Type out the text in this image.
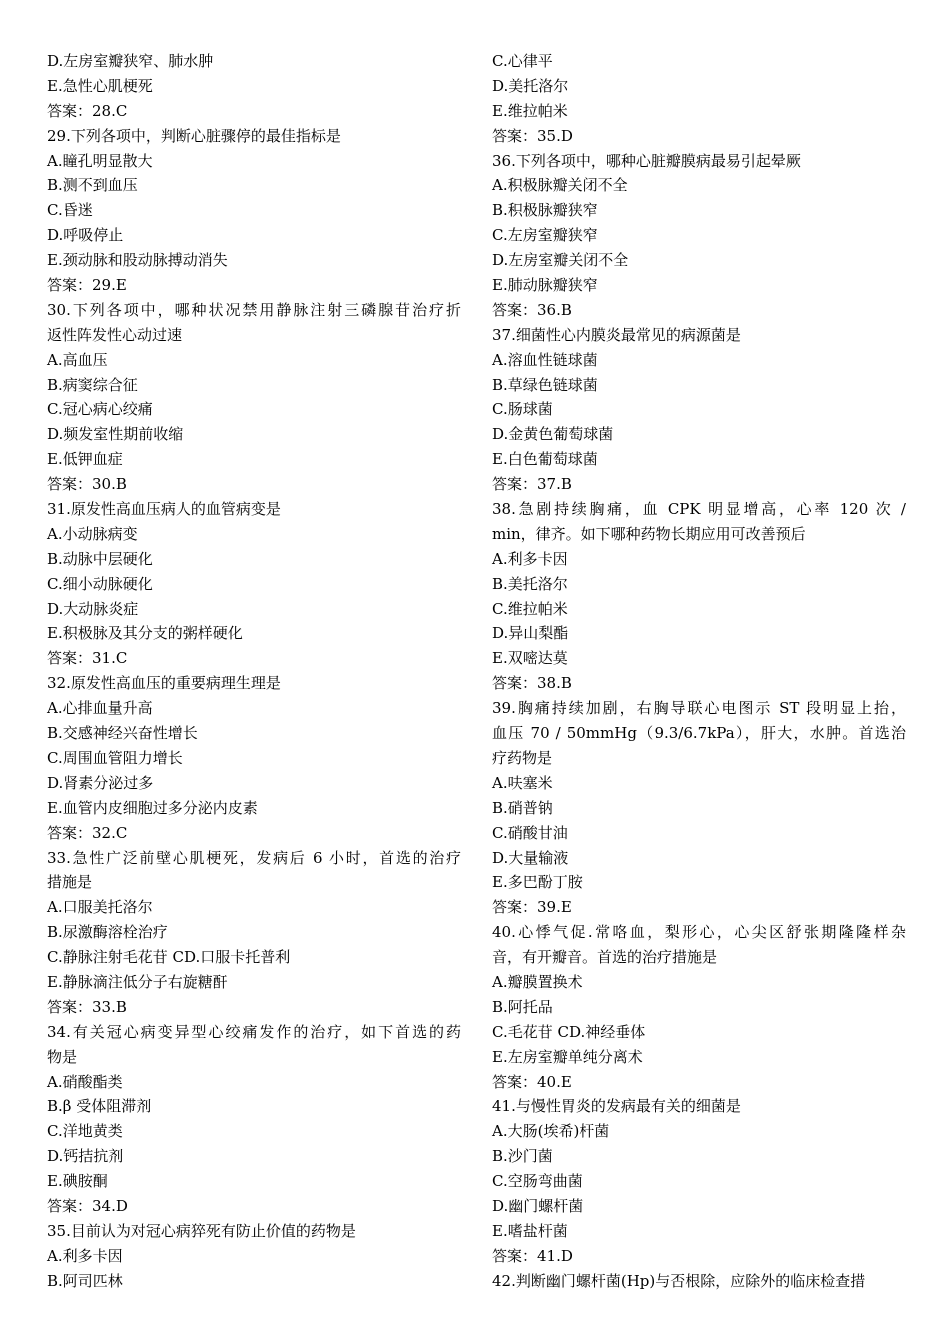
D.左房室瓣狭窄、肺水肿
E.急性心肌梗死
答案：28.C
29.下列各项中，判断心脏骤停的最佳指标是
A.瞳孔明显散大
B.测不到血压
C.昏迷
D.呼吸停止
E.颈动脉和股动脉搏动消失
答案：29.E
30.下列各项中，哪种状况禁用静脉注射三磷腺苷治疗折
返性阵发性心动过速
A.高血压
B.病窦综合征
C.冠心病心绞痛
D.频发室性期前收缩
E.低钾血症
答案：30.B
31.原发性高血压病人的血管病变是
A.小动脉病变
B.动脉中层硬化
C.细小动脉硬化
D.大动脉炎症
E.积极脉及其分支的粥样硬化
答案：31.C
32.原发性高血压的重要病理生理是
A.心排血量升高
B.交感神经兴奋性增长
C.周围血管阻力增长
D.肾素分泌过多
E.血管内皮细胞过多分泌内皮素
答案：32.C
33.急性广泛前壁心肌梗死，发病后 6 小时，首选的治疗
措施是
A.口服美托洛尔
B.尿激酶溶栓治疗
C.静脉注射毛花苷 CD.口服卡托普利
E.静脉滴注低分子右旋糖酐
答案：33.B
34.有关冠心病变异型心绞痛发作的治疗，如下首选的药
物是
A.硝酸酯类
B.β 受体阻滞剂
C.洋地黄类
D.钙拮抗剂
E.碘胺酮
答案：34.D
35.目前认为对冠心病猝死有防止价值的药物是
A.利多卡因
B.阿司匹林
C.心律平
D.美托洛尔
E.维拉帕米
答案：35.D
36.下列各项中，哪种心脏瓣膜病最易引起晕厥
A.积极脉瓣关闭不全
B.积极脉瓣狭窄
C.左房室瓣狭窄
D.左房室瓣关闭不全
E.肺动脉瓣狭窄
答案：36.B
37.细菌性心内膜炎最常见的病源菌是
A.溶血性链球菌
B.草绿色链球菌
C.肠球菌
D.金黄色葡萄球菌
E.白色葡萄球菌
答案：37.B
38.急剧持续胸痛，血 CPK 明显增高，心率 120 次 /
min，律齐。如下哪种药物长期应用可改善预后
A.利多卡因
B.美托洛尔
C.维拉帕米
D.异山梨酯
E.双嘧达莫
答案：38.B
39.胸痛持续加剧，右胸导联心电图示 ST 段明显上抬，
血压 70 / 50mmHg（9.3/6.7kPa），肝大，水肿。首选治
疗药物是
A.呋塞米
B.硝普钠
C.硝酸甘油
D.大量输液
E.多巴酚丁胺
答案：39.E
40.心悸气促.常咯血，梨形心，心尖区舒张期隆隆样杂
音，有开瓣音。首选的治疗措施是
A.瓣膜置换术
B.阿托品
C.毛花苷 CD.神经垂体
E.左房室瓣单纯分离术
答案：40.E
41.与慢性胃炎的发病最有关的细菌是
A.大肠(埃希)杆菌
B.沙门菌
C.空肠弯曲菌
D.幽门螺杆菌
E.嗜盐杆菌
答案：41.D
42.判断幽门螺杆菌(Hp)与否根除，应除外的临床检查措
